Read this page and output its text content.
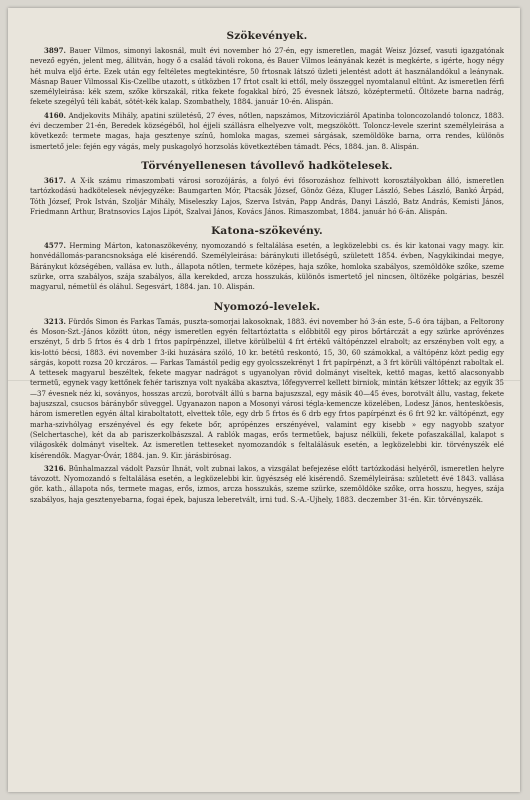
Szökevények.

3897. Bauer Vilmos, simonyi lakosnál, mult évi november hó 27-én, egy ismeretlen, magát Weisz József, vasuti igazgatónak nevező egyén, jelent meg, állitván, hogy ő a család távoli rokona, és Bauer Vilmos leányának kezét is megkérte, s igérte, hogy négy hét mulva eljő érte. Ezek után egy feltéletes megtekintésre, 50 frtosnak látszó üzleti jelentést adott át használandókul a leánynak. Másnap Bauer Vilmossal Kis-Czellbe utazott, s útközben 17 frtot csalt ki ettől, mely összeggel nyomtalanul eltünt. Az ismeretlen férfi személyleirása: kék szem, szőke körszakál, ritka fekete fogakkal bíró, 25 évesnek látszó, középtermetű. Öltözete barna nadrág, fekete szegélyű téli kabát, sötét-kék kalap. Szombathely, 1884. január 10-én. Alispán.

4160. Andjekovits Mihály, apatini születésű, 27 éves, nőtlen, napszámos, Mitzovicziáról Apatinba toloncozolandó toloncz, 1883. évi deczember 21-én, Beredek községéből, hol éjjeli szállásra elhelyezve volt, megszökött. Toloncz-levele szerint személyleirása a következő: termete magas, haja gesztenye színű, homloka magas, szemei sárgásak, szemöldöke barna, orra rendes, különös ismertető jele: fején egy vágás, mely puskagolyó horzsolás következtében támadt. Pécs, 1884. jan. 8. Alispán.

Törvényellenesen távollevő hadkötelesek.

3617. A X-ik számu rimaszombati városi sorozójárás, a folyó évi fősorozáshoz felhivott korosztályokban álló, ismeretlen tartózkodású hadkötelesek névjegyzéke: Baumgarten Mór, Ptacsák József, Gönöz Géza, Kluger László, Sebes László, Bankó Árpád, Tóth József, Prok István, Szoljár Mihály, Miseleszky Lajos, Szerva István, Papp András, Danyi László, Batz András, Kemisti János, Friedmann Arthur, Bratnsovics Lajos Lipót, Szalvai János, Kovács János. Rimaszombat, 1884. január hó 6-án. Alispán.

Katona-szökevény.

4577. Herming Márton, katonaszökevény, nyomozandó s feltalálása esetén, a legközelebbi cs. és kir katonai vagy magy. kir. honvédállomás-parancsnoksága elé kisérendő. Személyleirása: báránykuti illetőségű, született 1854. évben, Nagykikindai megye, Báránykut községében, vallása ev. luth., állapota nőtlen, termete középes, haja szőke, homloka szabályos, szemöldöke szőke, szeme szürke, orra szabályos, szája szabályos, álla kerekded, arcza hosszukás, különös ismertető jel nincsen, öltözéke polgárias, beszél magyarul, németül és oláhul. Segesvárt, 1884. jan. 10. Alispán.

Nyomozó-levelek.

3213. Fürdős Simon és Farkas Tamás, puszta-somorjai lakosoknak, 1883. évi november hó 3-án este, 5–6 óra tájban, a Feltorony és Moson-Szt.-János között úton, négy ismeretlen egyén feltartóztatta s előbbitől egy piros bőrtárczát a egy szürke apróvénzes erszényt, 5 drb 5 frtos és 4 drb 1 frtos papírpénzzel, illetve körülbelül 4 frt értékű váltópénzzel elrabolt; az erszényben volt egy, a kis-lottó bécsi, 1883. évi november 3-iki huzására szóló, 10 kr. betétű reskontó, 15, 30, 60 számokkal, a váltópénz közt pedig egy sárgás, kopott rozsa 20 krczáros. — Farkas Tamástól pedig egy gyolcsszekrényt 1 frt papírpénzt, a 3 frt körüli váltópénzt raboltak el. A tettesek magyarul beszéltek, fekete magyar nadrágot s ugyanolyan rövid dolmányt viseltek, kettő magas, kettő alacsonyabb termetű, egynek vagy kettőnek fehér tarisznya volt nyakába akasztva, lőfegyverrel kellett birniok, mintán kétszer lőttek; az egyik 35—37 évesnek néz ki, soványos, hosszas arczú, borotvált állú s barna bajuszszal, egy másik 40—45 éves, borotvált állu, vastag, fekete bajuszszal, csucsos báránybőr süveggel. Ugyanazon napon a Mosonyi városi tégla-kemencze közelében, Lodesz János, hentesköesis, három ismeretlen egyén által kiraboltatott, elvettek tőle, egy drb 5 frtos és 6 drb egy frtos papírpénzt és 6 frt 92 kr. váltópénzt, egy marha-szivhólyag erszényével és egy fekete bőr, aprópénzes erszényével, valamint egy kisebb » egy nagyobb szatyor (Selchertasche), két da ab pariszerkolbászszal. A rablók magas, erős termetűek, bajusz nélküli, fekete pofaszakállal, kalapot s világoskék dolmányt viseltek. Az ismeretlen tetteseket nyomozandók s feltalálásuk esetén, a legközelebbi kir. törvényszék elé kísérendők. Magyar-Óvár, 1884. jan. 9. Kir. járásbirósag.

3216. Bűnhalmazzal vádolt Pazsúr Ihnát, volt zubnai lakos, a vizsgálat befejezése előtt tartózkodási helyéről, ismeretlen helyre távozott. Nyomozandó s feltalálása esetén, a legközelebbi kir. ügyészség elé kisérendő. Személyleirása: született évé 1843. vallása gör. kath., állapota nős, termete magas, erős, izmos, arcza hosszukás, szeme szürke, szemöldöke szőke, orra hosszu, hegyes, szája szabályos, haja gesztenyebarna, fogai épek, bajusza leberetvált, irni tud. S.-A.-Ujhely, 1883. deczember 31-én. Kir. törvényszék.
